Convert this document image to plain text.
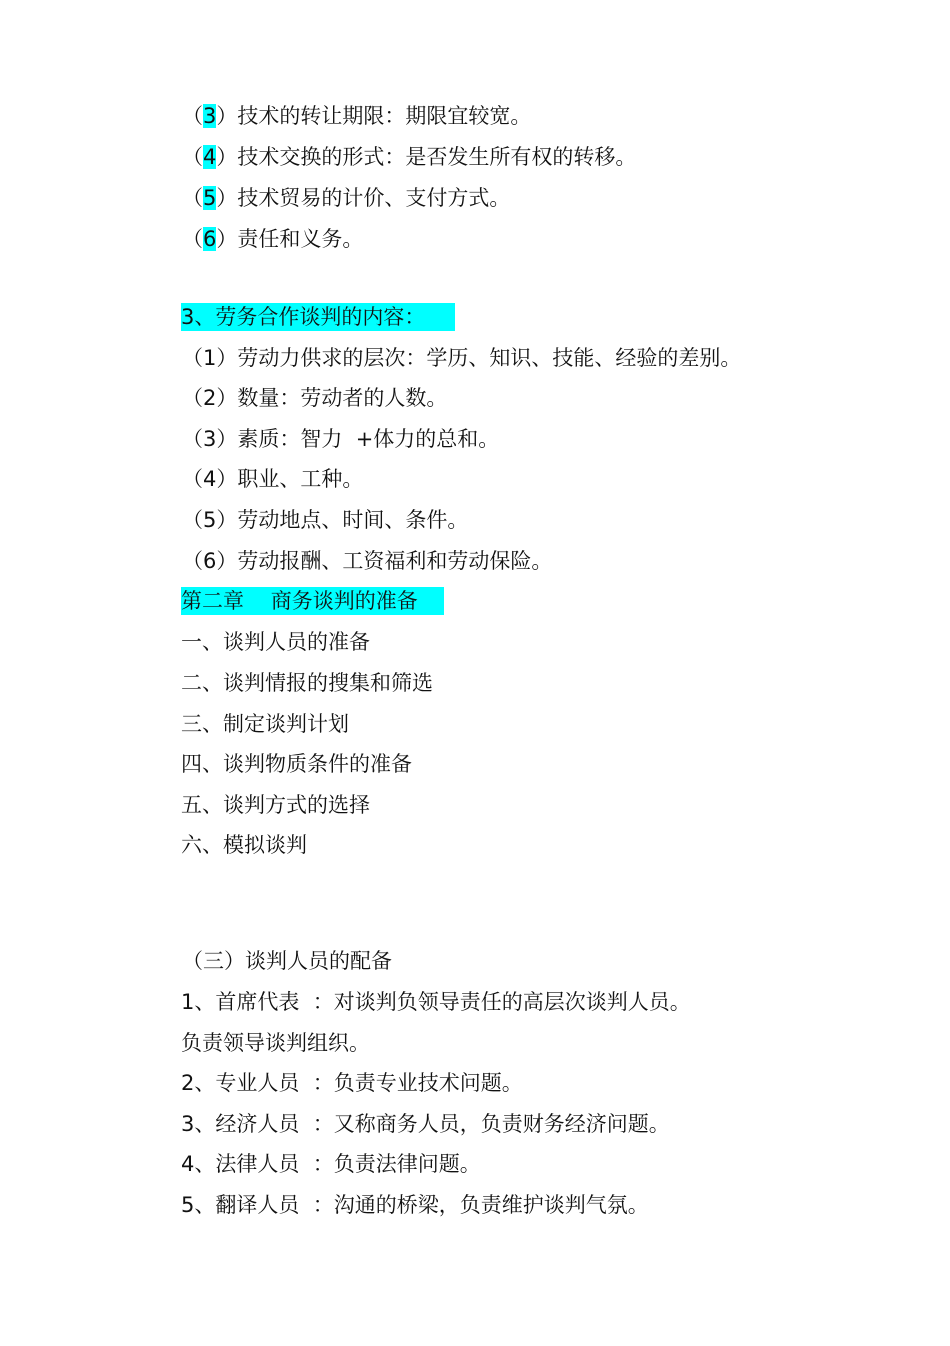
（3）技术的转让期限：期限宜较宽。
（4）技术交换的形式：是否发生所有权的转移。
（5）技术贸易的计价、支付方式。
（6）责任和义务。
3、劳务合作谈判的内容：
（1）劳动力供求的层次：学历、知识、技能、经验的差别。
（2）数量：劳动者的人数。
（3）素质：智力  +体力的总和。
（4）职业、工种。
（5）劳动地点、时间、条件。
（6）劳动报酬、工资福利和劳动保险。
第二章    商务谈判的准备
一、谈判人员的准备
二、谈判情报的搜集和筛选
三、制定谈判计划
四、谈判物质条件的准备
五、谈判方式的选择
六、模拟谈判
（三）谈判人员的配备
1、首席代表  ：对谈判负领导责任的高层次谈判人员。
负责领导谈判组织。
2、专业人员  ：负责专业技术问题。
3、经济人员  ：又称商务人员，负责财务经济问题。
4、法律人员  ：负责法律问题。
5、翻译人员  ：沟通的桥梁，负责维护谈判气氛。
